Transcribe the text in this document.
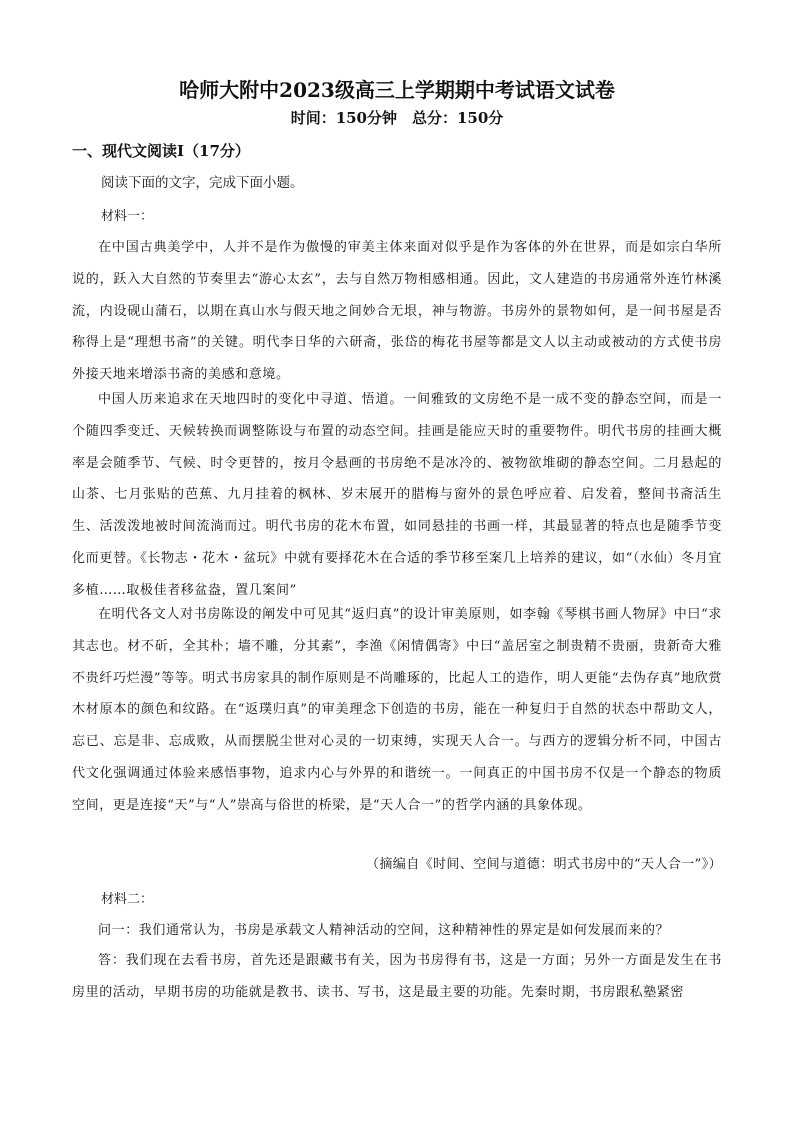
哈师大附中2023级高三上学期期中考试语文试卷
时间：150分钟　总分：150分
一、现代文阅读Ⅰ（17分）
阅读下面的文字，完成下面小题。
材料一：

在中国古典美学中，人并不是作为傲慢的审美主体来面对似乎是作为客体的外在世界，而是如宗白华所说的，跃入大自然的节奏里去“游心太玄”，去与自然万物相感相通。因此，文人建造的书房通常外连竹林溪流，内设砚山蒲石，以期在真山水与假天地之间妙合无垠，神与物游。书房外的景物如何，是一间书屋是否称得上是“理想书斋”的关键。明代李日华的六研斋，张岱的梅花书屋等都是文人以主动或被动的方式使书房外接天地来增添书斋的美感和意境。

中国人历来追求在天地四时的变化中寻道、悟道。一间雅致的文房绝不是一成不变的静态空间，而是一个随四季变迁、天候转换而调整陈设与布置的动态空间。挂画是能应天时的重要物件。明代书房的挂画大概率是会随季节、气候、时令更替的，按月令悬画的书房绝不是冰冷的、被物欲堆砌的静态空间。二月悬起的山茶、七月张贴的芭蕉、九月挂着的枫林、岁末展开的腊梅与窗外的景色呼应着、启发着，整间书斋活生生、活泼泼地被时间流淌而过。明代书房的花木布置，如同悬挂的书画一样，其最显著的特点也是随季节变化而更替。《长物志・花木・盆玩》中就有要择花木在合适的季节移至案几上培养的建议，如“（水仙）冬月宜多植……取极佳者移盆盎，置几案间”

在明代各文人对书房陈设的阐发中可见其“返归真”的设计审美原则，如李翰《琴棋书画人物屏》中曰“求其志也。材不斫，全其朴；墙不雕，分其素”，李渔《闲情偶寄》中曰“盖居室之制贵精不贵丽，贵新奇大雅不贵纤巧烂漫”等等。明式书房家具的制作原则是不尚雕琢的，比起人工的造作，明人更能“去伪存真”地欣赏木材原本的颜色和纹路。在“返璞归真”的审美理念下创造的书房，能在一种复归于自然的状态中帮助文人，忘已、忘是非、忘成败，从而摆脱尘世对心灵的一切束缚，实现天人合一。与西方的逻辑分析不同，中国古代文化强调通过体验来感悟事物，追求内心与外界的和谐统一。一间真正的中国书房不仅是一个静态的物质空间，更是连接“天”与“人”崇高与俗世的桥梁，是“天人合一”的哲学内涵的具象体现。

（摘编自《时间、空间与道德：明式书房中的“天人合一”》）
材料二：

问一：我们通常认为，书房是承载文人精神活动的空间，这种精神性的界定是如何发展而来的？

答：我们现在去看书房，首先还是跟藏书有关，因为书房得有书，这是一方面；另外一方面是发生在书房里的活动，早期书房的功能就是教书、读书、写书，这是最主要的功能。先秦时期，书房跟私塾紧密
